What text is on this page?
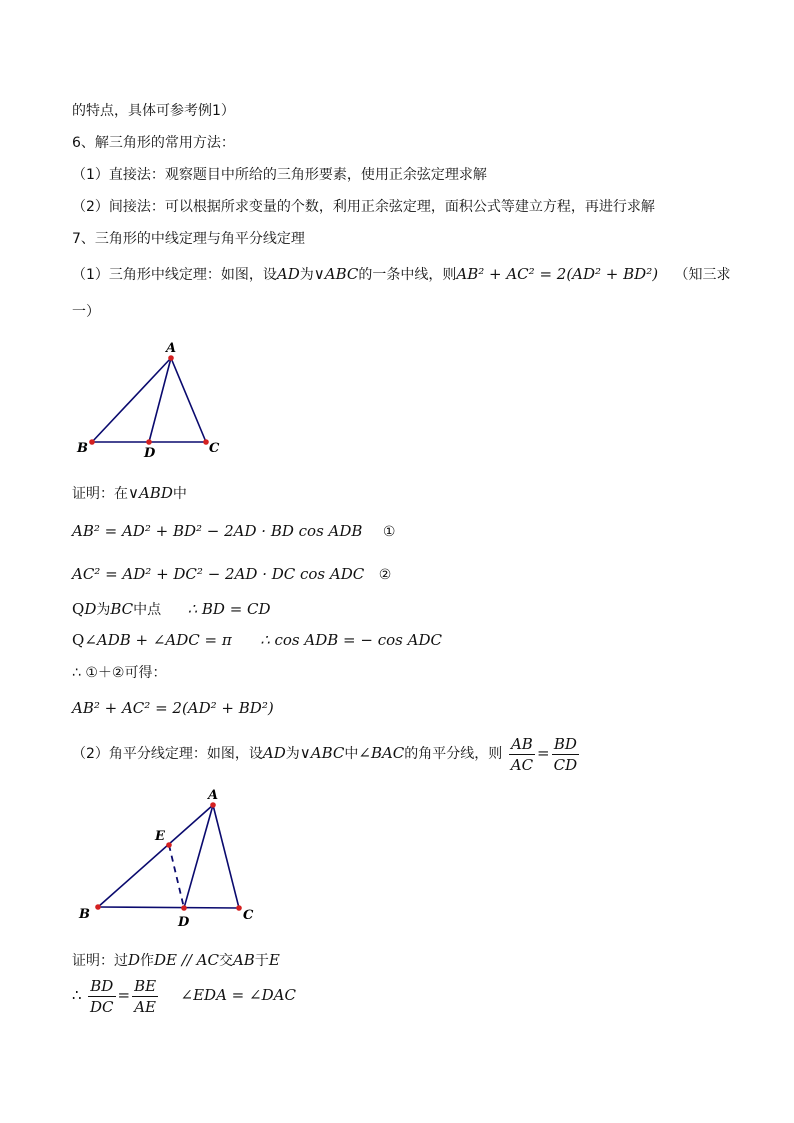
的特点，具体可参考例1）
6、解三角形的常用方法：
（1）直接法：观察题目中所给的三角形要素，使用正余弦定理求解
（2）间接法：可以根据所求变量的个数，利用正余弦定理，面积公式等建立方程，再进行求解
7、三角形的中线定理与角平分线定理
（1）三角形中线定理：如图，设AD为∨ABC的一条中线，则AB² + AC² = 2(AD² + BD²) （知三求
一）
A
B	D	C
证明：在∨ABD中
AB² = AD² + BD² − 2AD · BD cos ADB ①
AC² = AD² + DC² − 2AD · DC cos ADC ②
QD为BC中点 ∴ BD = CD
Q∠ADB + ∠ADC = π ∴ cos ADB = − cos ADC
∴ ①＋②可得：
AB² + AC² = 2(AD² + BD²)
（2）角平分线定理：如图，设AD为∨ABC中∠BAC的角平分线，则 $\frac{AB}{AC} = \frac{BD}{CD}$
A
B
D	C
E
证明：过D作DE // AC交AB于E
∴ $\frac{BD}{DC} = \frac{BE}{AE}$ ∠EDA = ∠DAC
